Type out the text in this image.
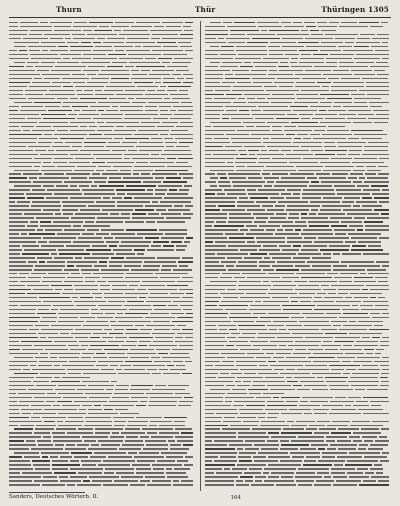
Thurn	Thür	Thüringen 1305
Sanders, Deutsches Wörterb. II.	164
